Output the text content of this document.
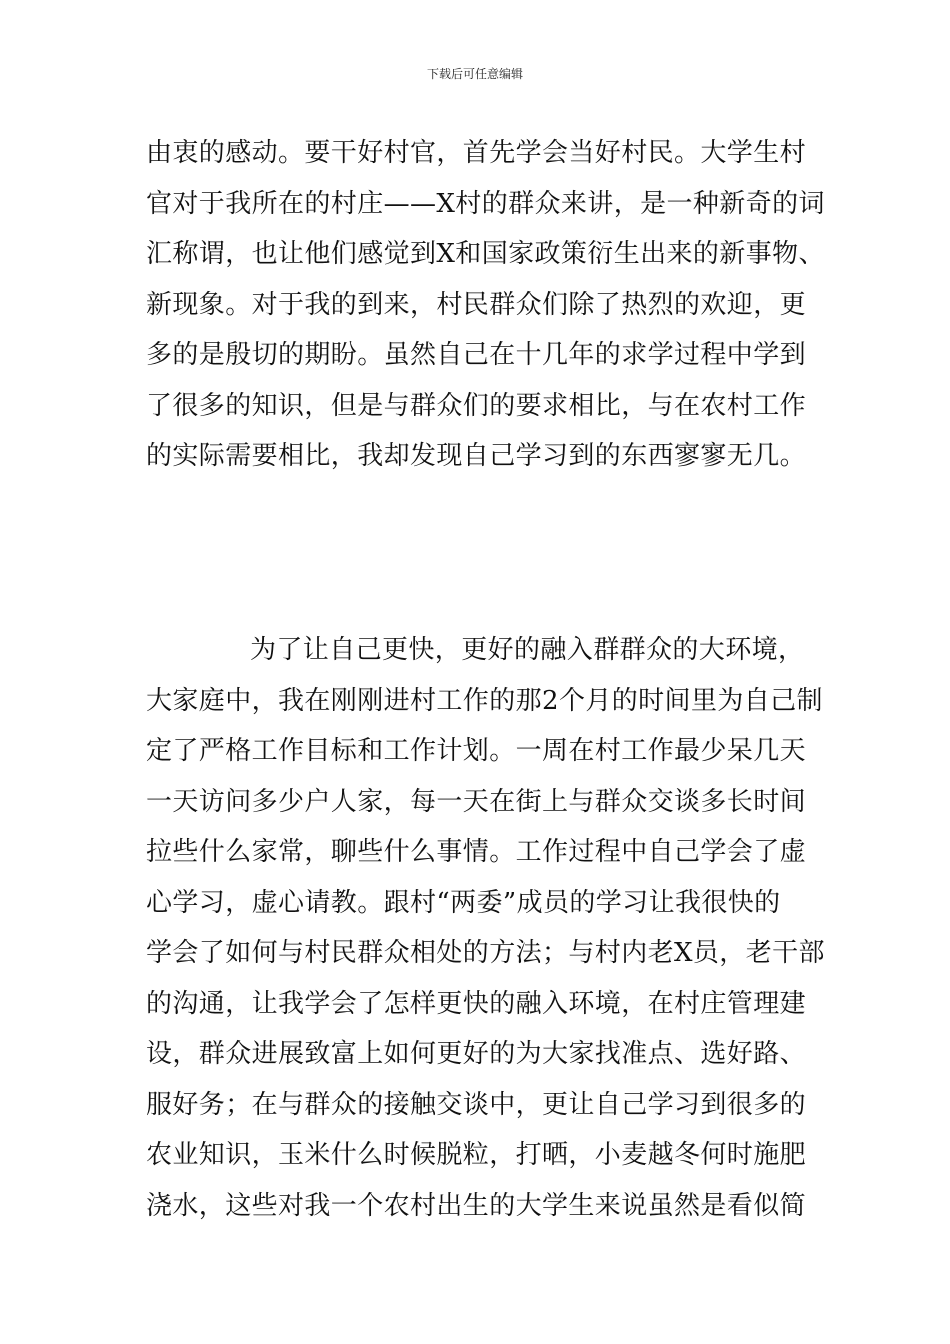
下载后可任意编辑
由衷的感动。要干好村官，首先学会当好村民。大学生村
官对于我所在的村庄——X村的群众来讲，是一种新奇的词
汇称谓，也让他们感觉到X和国家政策衍生出来的新事物、
新现象。对于我的到来，村民群众们除了热烈的欢迎，更
多的是殷切的期盼。虽然自己在十几年的求学过程中学到
了很多的知识，但是与群众们的要求相比，与在农村工作
的实际需要相比，我却发现自己学习到的东西寥寥无几。
为了让自己更快，更好的融入群群众的大环境，
大家庭中，我在刚刚进村工作的那2个月的时间里为自己制
定了严格工作目标和工作计划。一周在村工作最少呆几天
一天访问多少户人家，每一天在街上与群众交谈多长时间
拉些什么家常，聊些什么事情。工作过程中自己学会了虚
心学习，虚心请教。跟村“两委”成员的学习让我很快的
学会了如何与村民群众相处的方法；与村内老X员，老干部
的沟通，让我学会了怎样更快的融入环境，在村庄管理建
设，群众进展致富上如何更好的为大家找准点、选好路、
服好务；在与群众的接触交谈中，更让自己学习到很多的
农业知识，玉米什么时候脱粒，打晒，小麦越冬何时施肥
浇水，这些对我一个农村出生的大学生来说虽然是看似简
